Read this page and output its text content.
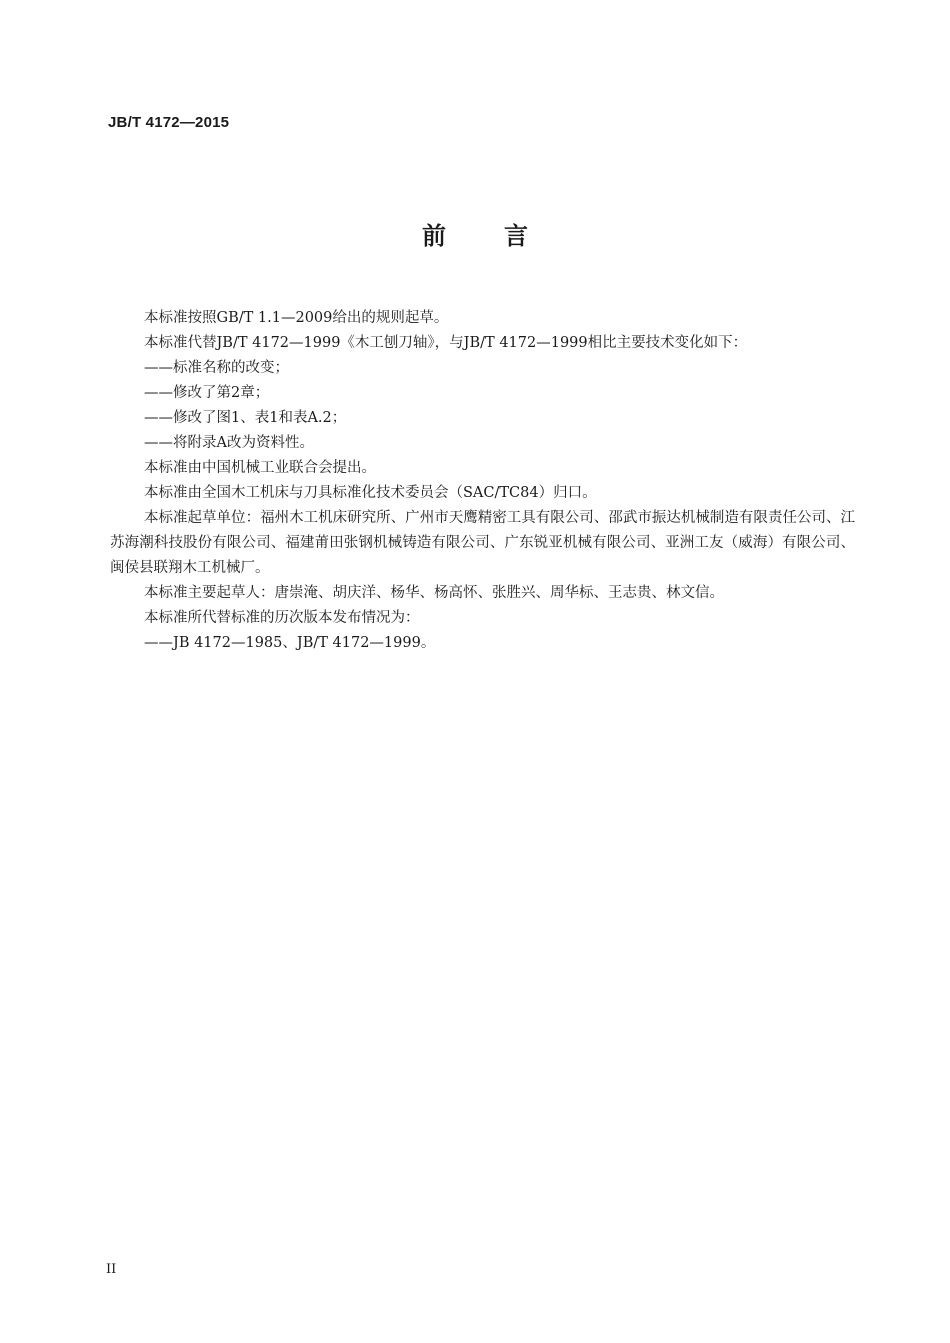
JB/T 4172—2015
前 言

本标准按照GB/T 1.1—2009给出的规则起草。

本标准代替JB/T 4172—1999《木工刨刀轴》，与JB/T 4172—1999相比主要技术变化如下：

——标准名称的改变；

——修改了第2章；

——修改了图1、表1和表A.2；

——将附录A改为资料性。

本标准由中国机械工业联合会提出。

本标准由全国木工机床与刀具标准化技术委员会（SAC/TC84）归口。

本标准起草单位：福州木工机床研究所、广州市天鹰精密工具有限公司、邵武市振达机械制造有限责任公司、江苏海潮科技股份有限公司、福建莆田张钢机械铸造有限公司、广东锐亚机械有限公司、亚洲工友（威海）有限公司、闽侯县联翔木工机械厂。

本标准主要起草人：唐崇淹、胡庆洋、杨华、杨高怀、张胜兴、周华标、王志贵、林文信。

本标准所代替标准的历次版本发布情况为：

——JB 4172—1985、JB/T 4172—1999。

II
